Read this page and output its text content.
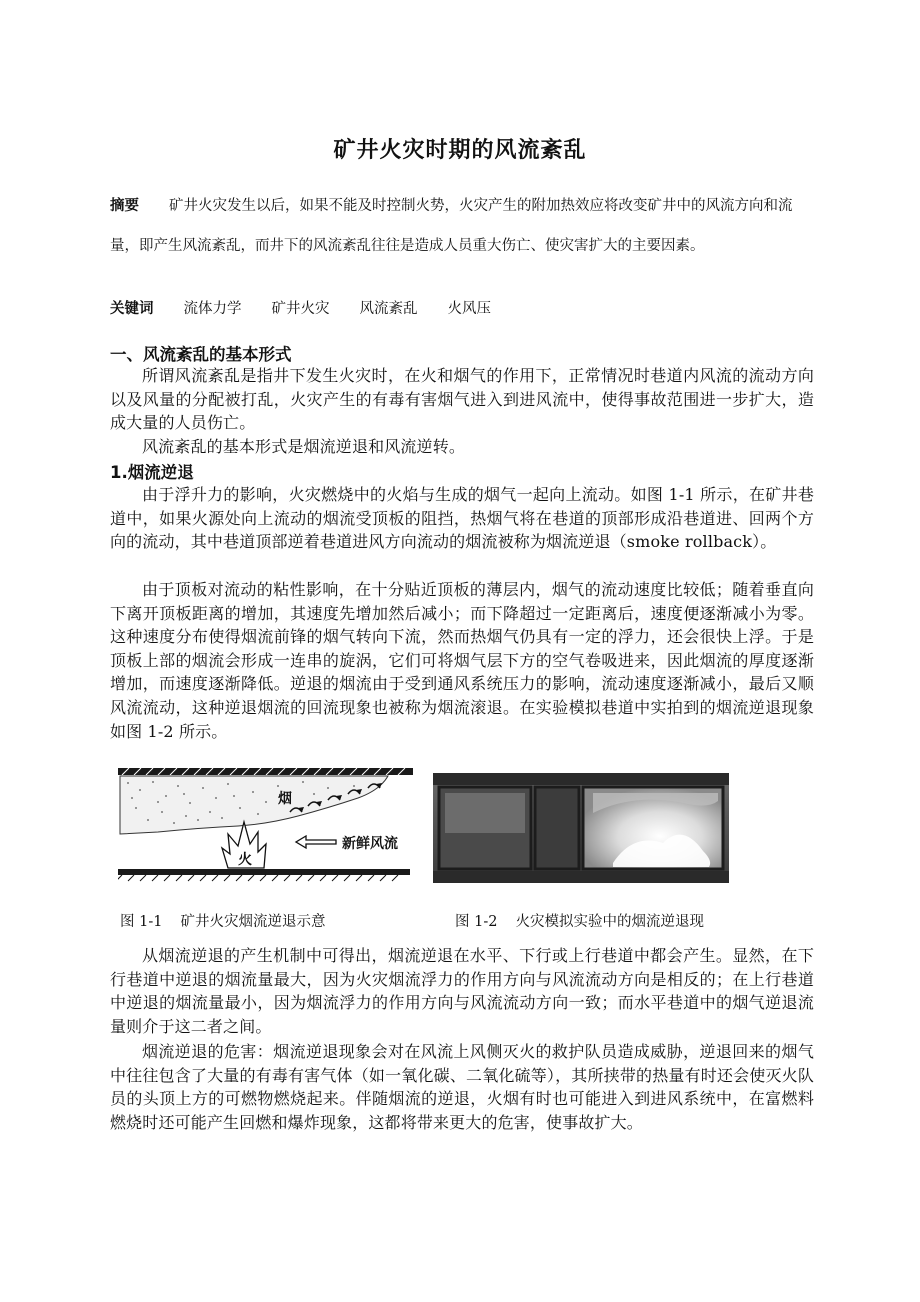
矿井火灾时期的风流紊乱

摘要 矿井火灾发生以后，如果不能及时控制火势，火灾产生的附加热效应将改变矿井中的风流方向和流量，即产生风流紊乱，而井下的风流紊乱往往是造成人员重大伤亡、使灾害扩大的主要因素。

关键词 流体力学 矿井火灾 风流紊乱 火风压

一、风流紊乱的基本形式

所谓风流紊乱是指井下发生火灾时，在火和烟气的作用下，正常情况时巷道内风流的流动方向以及风量的分配被打乱，火灾产生的有毒有害烟气进入到进风流中，使得事故范围进一步扩大，造成大量的人员伤亡。

风流紊乱的基本形式是烟流逆退和风流逆转。

1.烟流逆退

由于浮升力的影响，火灾燃烧中的火焰与生成的烟气一起向上流动。如图 1-1 所示，在矿井巷道中，如果火源处向上流动的烟流受顶板的阻挡，热烟气将在巷道的顶部形成沿巷道进、回两个方向的流动，其中巷道顶部逆着巷道进风方向流动的烟流被称为烟流逆退（smoke rollback）。

由于顶板对流动的粘性影响，在十分贴近顶板的薄层内，烟气的流动速度比较低；随着垂直向下离开顶板距离的增加，其速度先增加然后减小；而下降超过一定距离后，速度便逐渐减小为零。这种速度分布使得烟流前锋的烟气转向下流，然而热烟气仍具有一定的浮力，还会很快上浮。于是顶板上部的烟流会形成一连串的旋涡，它们可将烟气层下方的空气卷吸进来，因此烟流的厚度逐渐增加，而速度逐渐降低。逆退的烟流由于受到通风系统压力的影响，流动速度逐渐减小，最后又顺风流流动，这种逆退烟流的回流现象也被称为烟流滚退。在实验模拟巷道中实拍到的烟流逆退现象如图 1-2 所示。

火
烟
新鲜风流

图 1-1 矿井火灾烟流逆退示意	图 1-2 火灾模拟实验中的烟流逆退现

从烟流逆退的产生机制中可得出，烟流逆退在水平、下行或上行巷道中都会产生。显然，在下行巷道中逆退的烟流量最大，因为火灾烟流浮力的作用方向与风流流动方向是相反的；在上行巷道中逆退的烟流量最小，因为烟流浮力的作用方向与风流流动方向一致；而水平巷道中的烟气逆退流量则介于这二者之间。

烟流逆退的危害：烟流逆退现象会对在风流上风侧灭火的救护队员造成威胁，逆退回来的烟气中往往包含了大量的有毒有害气体（如一氧化碳、二氧化硫等），其所挟带的热量有时还会使灭火队员的头顶上方的可燃物燃烧起来。伴随烟流的逆退，火烟有时也可能进入到进风系统中，在富燃料燃烧时还可能产生回燃和爆炸现象，这都将带来更大的危害，使事故扩大。
